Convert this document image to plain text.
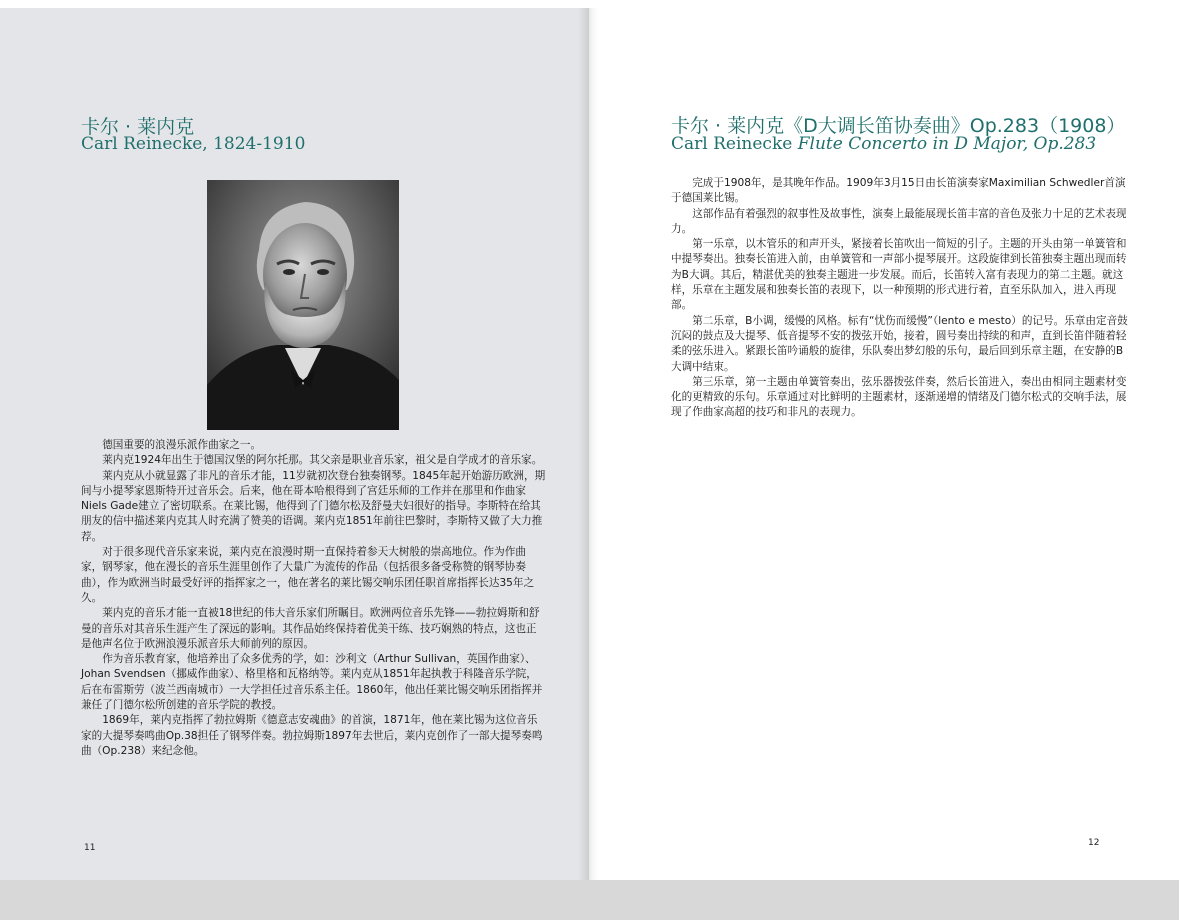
卡尔 · 莱内克
Carl Reinecke, 1824-1910

德国重要的浪漫乐派作曲家之一。

莱内克1924年出生于德国汉堡的阿尔托那。其父亲是职业音乐家，祖父是自学成才的音乐家。

莱内克从小就显露了非凡的音乐才能，11岁就初次登台独奏钢琴。1845年起开始游历欧洲，期间与小提琴家恩斯特开过音乐会。后来，他在哥本哈根得到了宫廷乐师的工作并在那里和作曲家Niels Gade建立了密切联系。在莱比锡，他得到了门德尔松及舒曼夫妇很好的指导。李斯特在给其朋友的信中描述莱内克其人时充满了赞美的语调。莱内克1851年前往巴黎时，李斯特又做了大力推荐。

对于很多现代音乐家来说，莱内克在浪漫时期一直保持着参天大树般的崇高地位。作为作曲家，钢琴家，他在漫长的音乐生涯里创作了大量广为流传的作品（包括很多备受称赞的钢琴协奏曲），作为欧洲当时最受好评的指挥家之一，他在著名的莱比锡交响乐团任职首席指挥长达35年之久。

莱内克的音乐才能一直被18世纪的伟大音乐家们所瞩目。欧洲两位音乐先锋——勃拉姆斯和舒曼的音乐对其音乐生涯产生了深远的影响。其作品始终保持着优美干练、技巧娴熟的特点，这也正是他声名位于欧洲浪漫乐派音乐大师前列的原因。

作为音乐教育家，他培养出了众多优秀的学，如：沙利文（Arthur Sullivan，英国作曲家）、Johan Svendsen（挪威作曲家）、格里格和瓦格纳等。莱内克从1851年起执教于科隆音乐学院，后在布雷斯劳（波兰西南城市）一大学担任过音乐系主任。1860年，他出任莱比锡交响乐团指挥并兼任了门德尔松所创建的音乐学院的教授。

1869年，莱内克指挥了勃拉姆斯《德意志安魂曲》的首演，1871年，他在莱比锡为这位音乐家的大提琴奏鸣曲Op.38担任了钢琴伴奏。勃拉姆斯1897年去世后，莱内克创作了一部大提琴奏鸣曲（Op.238）来纪念他。

11
卡尔 · 莱内克《D大调长笛协奏曲》Op.283（1908）
Carl Reinecke Flute Concerto in D Major, Op.283

完成于1908年，是其晚年作品。1909年3月15日由长笛演奏家Maximilian Schwedler首演于德国莱比锡。

这部作品有着强烈的叙事性及故事性，演奏上最能展现长笛丰富的音色及张力十足的艺术表现力。

第一乐章，以木管乐的和声开头，紧接着长笛吹出一简短的引子。主题的开头由第一单簧管和中提琴奏出。独奏长笛进入前，由单簧管和一声部小提琴展开。这段旋律到长笛独奏主题出现而转为B大调。其后，精湛优美的独奏主题进一步发展。而后，长笛转入富有表现力的第二主题。就这样，乐章在主题发展和独奏长笛的表现下，以一种预期的形式进行着，直至乐队加入，进入再现部。

第二乐章，B小调，缓慢的风格。标有“忧伤而缓慢”（lento e mesto）的记号。乐章由定音鼓沉闷的鼓点及大提琴、低音提琴不安的拨弦开始，接着，圆号奏出持续的和声，直到长笛伴随着轻柔的弦乐进入。紧跟长笛吟诵般的旋律，乐队奏出梦幻般的乐句，最后回到乐章主题，在安静的B大调中结束。

第三乐章，第一主题由单簧管奏出，弦乐器拨弦伴奏，然后长笛进入，奏出由相同主题素材变化的更精致的乐句。乐章通过对比鲜明的主题素材，逐渐递增的情绪及门德尔松式的交响手法，展现了作曲家高超的技巧和非凡的表现力。

12
